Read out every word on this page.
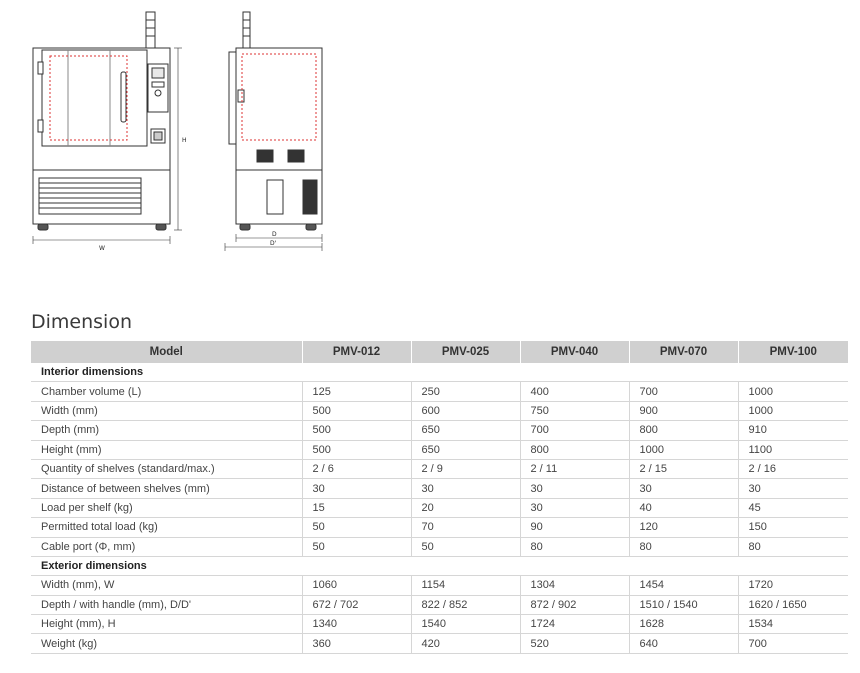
H
W
D
D'
Dimension
Model	PMV-012	PMV-025	PMV-040	PMV-070	PMV-100
Interior dimensions					
Chamber volume (L)	125	250	400	700	1000
Width (mm)	500	600	750	900	1000
Depth (mm)	500	650	700	800	910
Height (mm)	500	650	800	1000	1100
Quantity of shelves (standard/max.)	2 / 6	2 / 9	2 / 11	2 / 15	2 / 16
Distance of between shelves (mm)	30	30	30	30	30
Load per shelf (kg)	15	20	30	40	45
Permitted total load (kg)	50	70	90	120	150
Cable port (Φ, mm)	50	50	80	80	80
Exterior dimensions					
Width (mm), W	1060	1154	1304	1454	1720
Depth / with handle (mm), D/D'	672 / 702	822 / 852	872 / 902	1510 / 1540	1620 / 1650
Height (mm), H	1340	1540	1724	1628	1534
Weight (kg)	360	420	520	640	700
